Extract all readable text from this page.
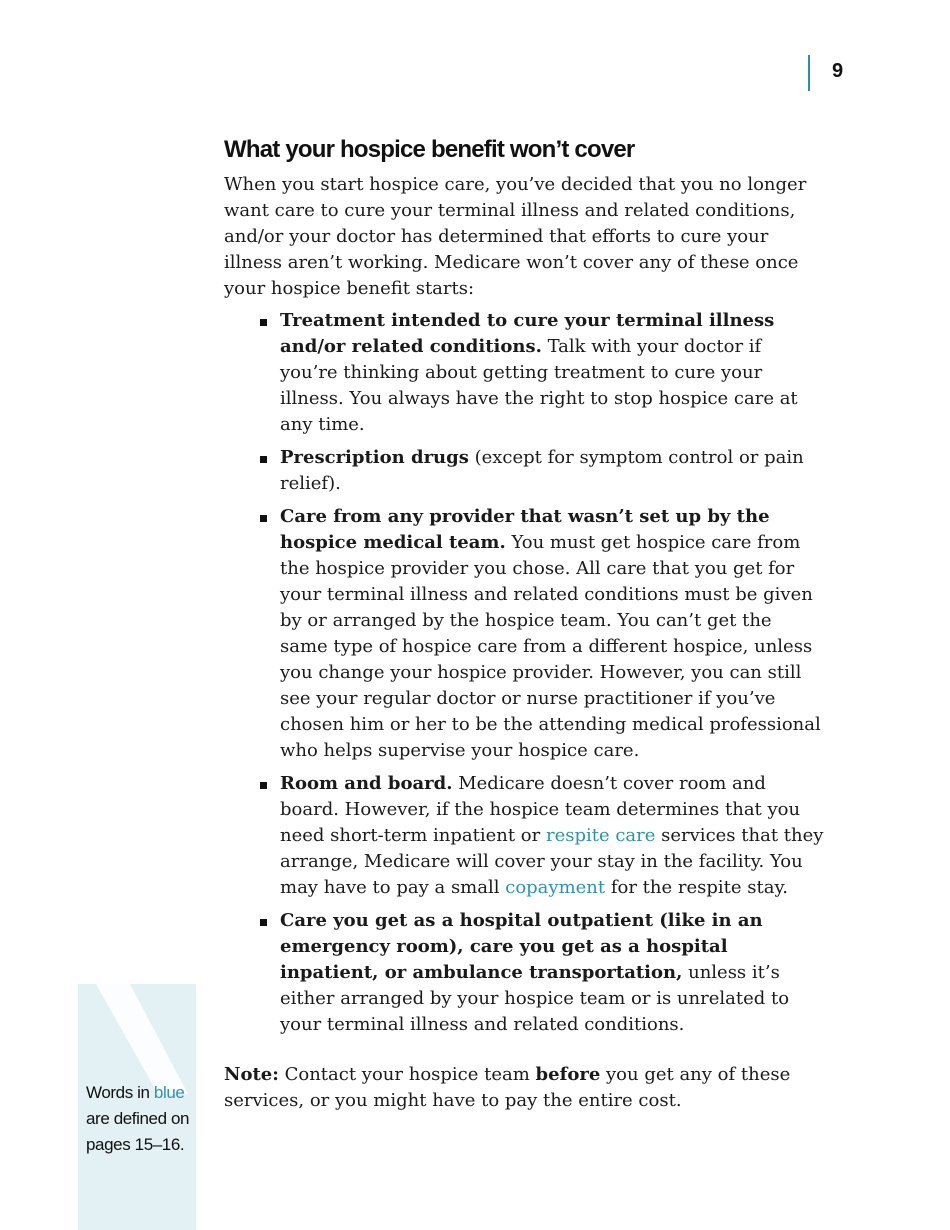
9
What your hospice benefit won’t cover

When you start hospice care, you’ve decided that you no longer want care to cure your terminal illness and related conditions, and/or your doctor has determined that efforts to cure your illness aren’t working. Medicare won’t cover any of these once your hospice benefit starts:

Treatment intended to cure your terminal illness and/or related conditions. Talk with your doctor if you’re thinking about getting treatment to cure your illness. You always have the right to stop hospice care at any time.
Prescription drugs (except for symptom control or pain relief).
Care from any provider that wasn’t set up by the hospice medical team. You must get hospice care from the hospice provider you chose. All care that you get for your terminal illness and related conditions must be given by or arranged by the hospice team. You can’t get the same type of hospice care from a different hospice, unless you change your hospice provider. However, you can still see your regular doctor or nurse practitioner if you’ve chosen him or her to be the attending medical professional who helps supervise your hospice care.
Room and board. Medicare doesn’t cover room and board. However, if the hospice team determines that you need short-term inpatient or respite care services that they arrange, Medicare will cover your stay in the facility. You may have to pay a small copayment for the respite stay.
Care you get as a hospital outpatient (like in an emergency room), care you get as a hospital inpatient, or ambulance transportation, unless it’s either arranged by your hospice team or is unrelated to your terminal illness and related conditions.

Note: Contact your hospice team before you get any of these services, or you might have to pay the entire cost.

Words in blue are defined on pages 15–16.
